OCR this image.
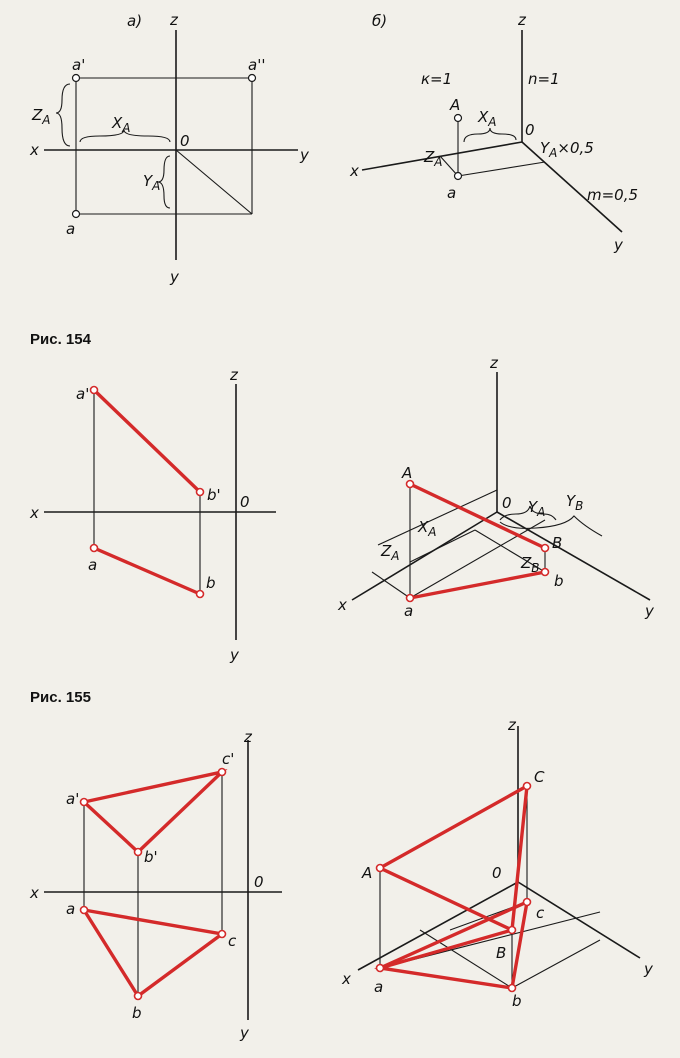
а) z
x	y
y
0
a'	a''
a
$Z_A$	$X_A$
$Y_A$
б)	z
x
y
0
к=1	n=1
m=0,5
A
a
$X_A$
$Z_A$
$Y_A\times 0,5$
Рис. 154
z
x
y
0
a'
b'
a
b
z
x	y
0
A
B
a
b
$X_A$
$Z_A$
$Y_A$
$Y_B$
$Z_B$
Рис. 155
z
x
y
0
a'
c'
b'
a
c
b
z
x
y
0
A
C
B
c
a
b
